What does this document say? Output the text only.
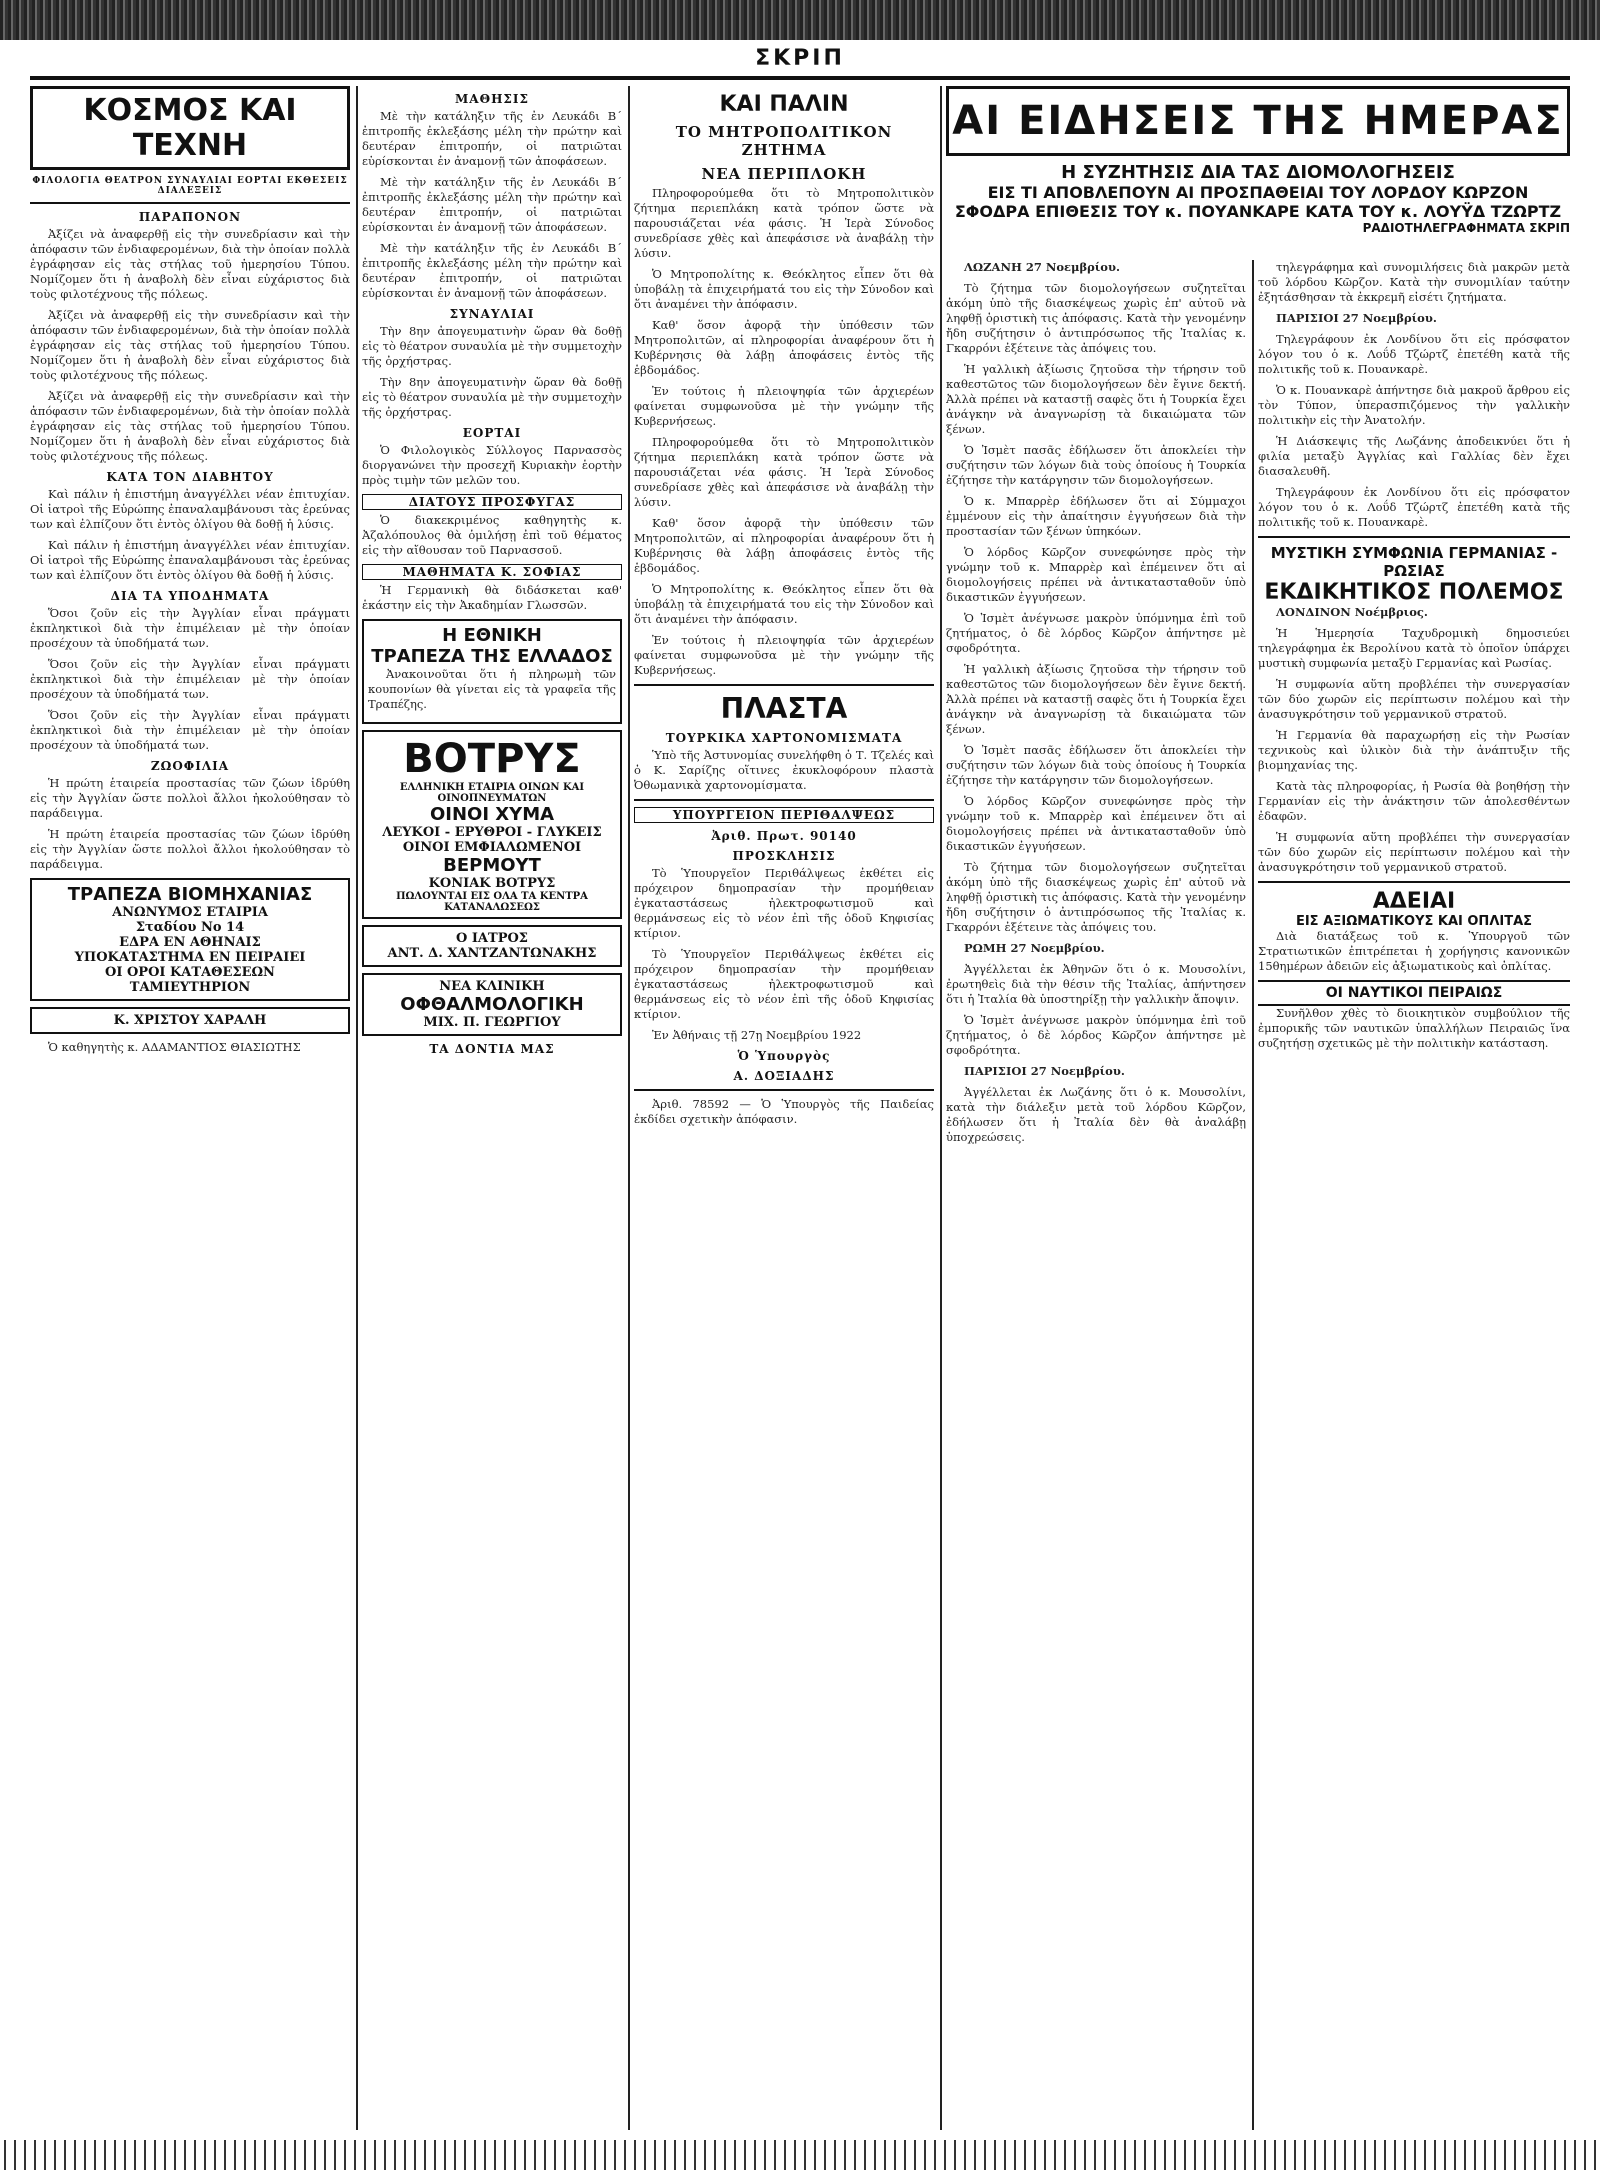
ΣΚΡΙΠ
ΚΟΣΜΟΣ ΚΑΙ ΤΕΧΝΗ
ΦΙΛΟΛΟΓΙΑ ΘΕΑΤΡΟΝ ΣΥΝΑΥΛΙΑΙ ΕΟΡΤΑΙ ΕΚΘΕΣΕΙΣ ΔΙΑΛΕΞΕΙΣ
ΠΑΡΑΠΟΝΟΝ

Ἀξίζει νὰ ἀναφερθῇ εἰς τὴν συνεδρίασιν καὶ τὴν ἀπόφασιν τῶν ἐνδιαφερομένων, διὰ τὴν ὁποίαν πολλὰ ἐγράφησαν εἰς τὰς στήλας τοῦ ἡμερησίου Τύπου. Νομίζομεν ὅτι ἡ ἀναβολὴ δὲν εἶναι εὐχάριστος διὰ τοὺς φιλοτέχνους τῆς πόλεως.

Ἀξίζει νὰ ἀναφερθῇ εἰς τὴν συνεδρίασιν καὶ τὴν ἀπόφασιν τῶν ἐνδιαφερομένων, διὰ τὴν ὁποίαν πολλὰ ἐγράφησαν εἰς τὰς στήλας τοῦ ἡμερησίου Τύπου. Νομίζομεν ὅτι ἡ ἀναβολὴ δὲν εἶναι εὐχάριστος διὰ τοὺς φιλοτέχνους τῆς πόλεως.

Ἀξίζει νὰ ἀναφερθῇ εἰς τὴν συνεδρίασιν καὶ τὴν ἀπόφασιν τῶν ἐνδιαφερομένων, διὰ τὴν ὁποίαν πολλὰ ἐγράφησαν εἰς τὰς στήλας τοῦ ἡμερησίου Τύπου. Νομίζομεν ὅτι ἡ ἀναβολὴ δὲν εἶναι εὐχάριστος διὰ τοὺς φιλοτέχνους τῆς πόλεως.

ΚΑΤΑ ΤΟΝ ΔΙΑΒΗΤΟΥ

Καὶ πάλιν ἡ ἐπιστήμη ἀναγγέλλει νέαν ἐπιτυχίαν. Οἱ ἰατροὶ τῆς Εὐρώπης ἐπαναλαμβάνουσι τὰς ἐρεύνας των καὶ ἐλπίζουν ὅτι ἐντὸς ὀλίγου θὰ δοθῇ ἡ λύσις.

Καὶ πάλιν ἡ ἐπιστήμη ἀναγγέλλει νέαν ἐπιτυχίαν. Οἱ ἰατροὶ τῆς Εὐρώπης ἐπαναλαμβάνουσι τὰς ἐρεύνας των καὶ ἐλπίζουν ὅτι ἐντὸς ὀλίγου θὰ δοθῇ ἡ λύσις.

ΔΙΑ ΤΑ ΥΠΟΔΗΜΑΤΑ

Ὅσοι ζοῦν εἰς τὴν Ἀγγλίαν εἶναι πράγματι ἐκπληκτικοὶ διὰ τὴν ἐπιμέλειαν μὲ τὴν ὁποίαν προσέχουν τὰ ὑποδήματά των.

Ὅσοι ζοῦν εἰς τὴν Ἀγγλίαν εἶναι πράγματι ἐκπληκτικοὶ διὰ τὴν ἐπιμέλειαν μὲ τὴν ὁποίαν προσέχουν τὰ ὑποδήματά των.

Ὅσοι ζοῦν εἰς τὴν Ἀγγλίαν εἶναι πράγματι ἐκπληκτικοὶ διὰ τὴν ἐπιμέλειαν μὲ τὴν ὁποίαν προσέχουν τὰ ὑποδήματά των.

ΖΩΟΦΙΛΙΑ

Ἡ πρώτη ἑταιρεία προστασίας τῶν ζώων ἱδρύθη εἰς τὴν Ἀγγλίαν ὥστε πολλοὶ ἄλλοι ἠκολούθησαν τὸ παράδειγμα.

Ἡ πρώτη ἑταιρεία προστασίας τῶν ζώων ἱδρύθη εἰς τὴν Ἀγγλίαν ὥστε πολλοὶ ἄλλοι ἠκολούθησαν τὸ παράδειγμα.

ΤΡΑΠΕΖΑ ΒΙΟΜΗΧΑΝΙΑΣ
ΑΝΩΝΥΜΟΣ ΕΤΑΙΡΙΑ
Σταδίου Νο 14
ΕΔΡΑ ΕΝ ΑΘΗΝΑΙΣ
ΥΠΟΚΑΤΑΣΤΗΜΑ ΕΝ ΠΕΙΡΑΙΕΙ
ΟΙ ΟΡΟΙ ΚΑΤΑΘΕΣΕΩΝ
ΤΑΜΙΕΥΤΗΡΙΟΝ
Κ. ΧΡΙΣΤΟΥ ΧΑΡΑΛΗ

Ὁ καθηγητὴς κ. ΑΔΑΜΑΝΤΙΟΣ ΘΙΑΣΙΩΤΗΣ

ΜΑΘΗΣΙΣ

Μὲ τὴν κατάληξιν τῆς ἐν Λευκάδι Β΄ ἐπιτροπῆς ἐκλεξάσης μέλη τὴν πρώτην καὶ δευτέραν ἐπιτροπήν, οἱ πατριῶται εὑρίσκονται ἐν ἀναμονῇ τῶν ἀποφάσεων.

Μὲ τὴν κατάληξιν τῆς ἐν Λευκάδι Β΄ ἐπιτροπῆς ἐκλεξάσης μέλη τὴν πρώτην καὶ δευτέραν ἐπιτροπήν, οἱ πατριῶται εὑρίσκονται ἐν ἀναμονῇ τῶν ἀποφάσεων.

Μὲ τὴν κατάληξιν τῆς ἐν Λευκάδι Β΄ ἐπιτροπῆς ἐκλεξάσης μέλη τὴν πρώτην καὶ δευτέραν ἐπιτροπήν, οἱ πατριῶται εὑρίσκονται ἐν ἀναμονῇ τῶν ἀποφάσεων.

ΣΥΝΑΥΛΙΑΙ

Τὴν 8ην ἀπογευματινὴν ὥραν θὰ δοθῇ εἰς τὸ θέατρον συναυλία μὲ τὴν συμμετοχὴν τῆς ὀρχήστρας.

Τὴν 8ην ἀπογευματινὴν ὥραν θὰ δοθῇ εἰς τὸ θέατρον συναυλία μὲ τὴν συμμετοχὴν τῆς ὀρχήστρας.

ΕΟΡΤΑΙ

Ὁ Φιλολογικὸς Σύλλογος Παρνασσὸς διοργανώνει τὴν προσεχῆ Κυριακὴν ἑορτὴν πρὸς τιμὴν τῶν μελῶν του.

ΔΙΑΤΟΥΣ ΠΡΟΣΦΥΓΑΣ

Ὁ διακεκριμένος καθηγητὴς κ. Ἀζαλόπουλος θὰ ὁμιλήσῃ ἐπὶ τοῦ θέματος εἰς τὴν αἴθουσαν τοῦ Παρνασσοῦ.

ΜΑΘΗΜΑΤΑ Κ. ΣΟΦΙΑΣ

Ἡ Γερμανικὴ θὰ διδάσκεται καθ' ἑκάστην εἰς τὴν Ἀκαδημίαν Γλωσσῶν.

Η ΕΘΝΙΚΗ
ΤΡΑΠΕΖΑ ΤΗΣ ΕΛΛΑΔΟΣ

Ἀνακοινοῦται ὅτι ἡ πληρωμὴ τῶν κουπονίων θὰ γίνεται εἰς τὰ γραφεῖα τῆς Τραπέζης.

ΒΟΤΡΥΣ
ΕΛΛΗΝΙΚΗ ΕΤΑΙΡΙΑ ΟΙΝΩΝ ΚΑΙ ΟΙΝΟΠΝΕΥΜΑΤΩΝ
ΟΙΝΟΙ ΧΥΜΑ
ΛΕΥΚΟΙ - ΕΡΥΘΡΟΙ - ΓΛΥΚΕΙΣ
ΟΙΝΟΙ ΕΜΦΙΑΛΩΜΕΝΟΙ
ΒΕΡΜΟΥΤ
ΚΟΝΙΑΚ ΒΟΤΡΥΣ
ΠΩΛΟΥΝΤΑΙ ΕΙΣ ΟΛΑ ΤΑ ΚΕΝΤΡΑ ΚΑΤΑΝΑΛΩΣΕΩΣ
Ο ΙΑΤΡΟΣ
ΑΝΤ. Δ. ΧΑΝΤΖΑΝΤΩΝΑΚΗΣ
ΝΕΑ ΚΛΙΝΙΚΗ
ΟΦΘΑΛΜΟΛΟΓΙΚΗ
ΜΙΧ. Π. ΓΕΩΡΓΙΟΥ
ΤΑ ΔΟΝΤΙΑ ΜΑΣ
ΚΑΙ ΠΑΛΙΝ
ΤΟ ΜΗΤΡΟΠΟΛΙΤΙΚΟΝ ΖΗΤΗΜΑ
ΝΕΑ ΠΕΡΙΠΛΟΚΗ

Πληροφορούμεθα ὅτι τὸ Μητροπολιτικὸν ζήτημα περιεπλάκη κατὰ τρόπον ὥστε νὰ παρουσιάζεται νέα φάσις. Ἡ Ἱερὰ Σύνοδος συνεδρίασε χθὲς καὶ ἀπεφάσισε νὰ ἀναβάλῃ τὴν λύσιν.

Ὁ Μητροπολίτης κ. Θεόκλητος εἶπεν ὅτι θὰ ὑποβάλῃ τὰ ἐπιχειρήματά του εἰς τὴν Σύνοδον καὶ ὅτι ἀναμένει τὴν ἀπόφασιν.

Καθ' ὅσον ἀφορᾷ τὴν ὑπόθεσιν τῶν Μητροπολιτῶν, αἱ πληροφορίαι ἀναφέρουν ὅτι ἡ Κυβέρνησις θὰ λάβῃ ἀποφάσεις ἐντὸς τῆς ἑβδομάδος.

Ἐν τούτοις ἡ πλειοψηφία τῶν ἀρχιερέων φαίνεται συμφωνοῦσα μὲ τὴν γνώμην τῆς Κυβερνήσεως.

Πληροφορούμεθα ὅτι τὸ Μητροπολιτικὸν ζήτημα περιεπλάκη κατὰ τρόπον ὥστε νὰ παρουσιάζεται νέα φάσις. Ἡ Ἱερὰ Σύνοδος συνεδρίασε χθὲς καὶ ἀπεφάσισε νὰ ἀναβάλῃ τὴν λύσιν.

Καθ' ὅσον ἀφορᾷ τὴν ὑπόθεσιν τῶν Μητροπολιτῶν, αἱ πληροφορίαι ἀναφέρουν ὅτι ἡ Κυβέρνησις θὰ λάβῃ ἀποφάσεις ἐντὸς τῆς ἑβδομάδος.

Ὁ Μητροπολίτης κ. Θεόκλητος εἶπεν ὅτι θὰ ὑποβάλῃ τὰ ἐπιχειρήματά του εἰς τὴν Σύνοδον καὶ ὅτι ἀναμένει τὴν ἀπόφασιν.

Ἐν τούτοις ἡ πλειοψηφία τῶν ἀρχιερέων φαίνεται συμφωνοῦσα μὲ τὴν γνώμην τῆς Κυβερνήσεως.

ΠΛΑΣΤΑ
ΤΟΥΡΚΙΚΑ ΧΑΡΤΟΝΟΜΙΣΜΑΤΑ

Ὑπὸ τῆς Ἀστυνομίας συνελήφθη ὁ Τ. Τζελές καὶ ὁ Κ. Σαρίζης οἵτινες ἐκυκλοφόρουν πλαστὰ Ὀθωμανικὰ χαρτονομίσματα.

ΥΠΟΥΡΓΕΙΟΝ ΠΕΡΙΘΑΛΨΕΩΣ
Ἀριθ. Πρωτ. 90140
ΠΡΟΣΚΛΗΣΙΣ

Τὸ Ὑπουργεῖον Περιθάλψεως ἐκθέτει εἰς πρόχειρον δημοπρασίαν τὴν προμήθειαν ἐγκαταστάσεως ἠλεκτροφωτισμοῦ καὶ θερμάνσεως εἰς τὸ νέον ἐπὶ τῆς ὁδοῦ Κηφισίας κτίριον.

Τὸ Ὑπουργεῖον Περιθάλψεως ἐκθέτει εἰς πρόχειρον δημοπρασίαν τὴν προμήθειαν ἐγκαταστάσεως ἠλεκτροφωτισμοῦ καὶ θερμάνσεως εἰς τὸ νέον ἐπὶ τῆς ὁδοῦ Κηφισίας κτίριον.

Ἐν Ἀθήναις τῇ 27ῃ Νοεμβρίου 1922

Ὁ Ὑπουργὸς
Α. ΔΟΞΙΑΔΗΣ

Ἀριθ. 78592 — Ὁ Ὑπουργὸς τῆς Παιδείας ἐκδίδει σχετικὴν ἀπόφασιν.

ΑΙ ΕΙΔΗΣΕΙΣ ΤΗΣ ΗΜΕΡΑΣ
Η ΣΥΖΗΤΗΣΙΣ ΔΙΑ ΤΑΣ ΔΙΟΜΟΛΟΓΗΣΕΙΣ
ΕΙΣ ΤΙ ΑΠΟΒΛΕΠΟΥΝ ΑΙ ΠΡΟΣΠΑΘΕΙΑΙ ΤΟΥ ΛΟΡΔΟΥ ΚΩΡΖΟΝ
ΣΦΟΔΡΑ ΕΠΙΘΕΣΙΣ ΤΟΥ κ. ΠΟΥΑΝΚΑΡΕ ΚΑΤΑ ΤΟΥ κ. ΛΟΥΫΔ ΤΖΩΡΤΖ
ΡΑΔΙΟΤΗΛΕΓΡΑΦΗΜΑΤΑ ΣΚΡΙΠ

ΛΩΖΑΝΗ 27 Νοεμβρίου.

Τὸ ζήτημα τῶν διομολογήσεων συζητεῖται ἀκόμη ὑπὸ τῆς διασκέψεως χωρὶς ἐπ' αὐτοῦ νὰ ληφθῇ ὁριστικὴ τις ἀπόφασις. Κατὰ τὴν γενομένην ἤδη συζήτησιν ὁ ἀντιπρόσωπος τῆς Ἰταλίας κ. Γκαρρόνι ἐξέτεινε τὰς ἀπόψεις του.

Ἡ γαλλικὴ ἀξίωσις ζητοῦσα τὴν τήρησιν τοῦ καθεστῶτος τῶν διομολογήσεων δὲν ἔγινε δεκτή. Ἀλλὰ πρέπει νὰ καταστῇ σαφὲς ὅτι ἡ Τουρκία ἔχει ἀνάγκην νὰ ἀναγνωρίσῃ τὰ δικαιώματα τῶν ξένων.

Ὁ Ἰσμὲτ πασᾶς ἐδήλωσεν ὅτι ἀποκλείει τὴν συζήτησιν τῶν λόγων διὰ τοὺς ὁποίους ἡ Τουρκία ἐζήτησε τὴν κατάργησιν τῶν διομολογήσεων.

Ὁ κ. Μπαρρὲρ ἐδήλωσεν ὅτι αἱ Σύμμαχοι ἐμμένουν εἰς τὴν ἀπαίτησιν ἐγγυήσεων διὰ τὴν προστασίαν τῶν ξένων ὑπηκόων.

Ὁ λόρδος Κῶρζον συνεφώνησε πρὸς τὴν γνώμην τοῦ κ. Μπαρρὲρ καὶ ἐπέμεινεν ὅτι αἱ διομολογήσεις πρέπει νὰ ἀντικατασταθοῦν ὑπὸ δικαστικῶν ἐγγυήσεων.

Ὁ Ἰσμὲτ ἀνέγνωσε μακρὸν ὑπόμνημα ἐπὶ τοῦ ζητήματος, ὁ δὲ λόρδος Κῶρζον ἀπήντησε μὲ σφοδρότητα.

Ἡ γαλλικὴ ἀξίωσις ζητοῦσα τὴν τήρησιν τοῦ καθεστῶτος τῶν διομολογήσεων δὲν ἔγινε δεκτή. Ἀλλὰ πρέπει νὰ καταστῇ σαφὲς ὅτι ἡ Τουρκία ἔχει ἀνάγκην νὰ ἀναγνωρίσῃ τὰ δικαιώματα τῶν ξένων.

Ὁ Ἰσμὲτ πασᾶς ἐδήλωσεν ὅτι ἀποκλείει τὴν συζήτησιν τῶν λόγων διὰ τοὺς ὁποίους ἡ Τουρκία ἐζήτησε τὴν κατάργησιν τῶν διομολογήσεων.

Ὁ λόρδος Κῶρζον συνεφώνησε πρὸς τὴν γνώμην τοῦ κ. Μπαρρὲρ καὶ ἐπέμεινεν ὅτι αἱ διομολογήσεις πρέπει νὰ ἀντικατασταθοῦν ὑπὸ δικαστικῶν ἐγγυήσεων.

Τὸ ζήτημα τῶν διομολογήσεων συζητεῖται ἀκόμη ὑπὸ τῆς διασκέψεως χωρὶς ἐπ' αὐτοῦ νὰ ληφθῇ ὁριστικὴ τις ἀπόφασις. Κατὰ τὴν γενομένην ἤδη συζήτησιν ὁ ἀντιπρόσωπος τῆς Ἰταλίας κ. Γκαρρόνι ἐξέτεινε τὰς ἀπόψεις του.

ΡΩΜΗ 27 Νοεμβρίου.

Ἀγγέλλεται ἐκ Ἀθηνῶν ὅτι ὁ κ. Μουσολίνι, ἐρωτηθεὶς διὰ τὴν θέσιν τῆς Ἰταλίας, ἀπήντησεν ὅτι ἡ Ἰταλία θὰ ὑποστηρίξῃ τὴν γαλλικὴν ἄποψιν.

Ὁ Ἰσμὲτ ἀνέγνωσε μακρὸν ὑπόμνημα ἐπὶ τοῦ ζητήματος, ὁ δὲ λόρδος Κῶρζον ἀπήντησε μὲ σφοδρότητα.

ΠΑΡΙΣΙΟΙ 27 Νοεμβρίου.

Ἀγγέλλεται ἐκ Λωζάνης ὅτι ὁ κ. Μουσολίνι, κατὰ τὴν διάλεξιν μετὰ τοῦ λόρδου Κῶρζον, ἐδήλωσεν ὅτι ἡ Ἰταλία δὲν θὰ ἀναλάβῃ ὑποχρεώσεις.

τηλεγράφημα καὶ συνομιλήσεις διὰ μακρῶν μετὰ τοῦ λόρδου Κῶρζον. Κατὰ τὴν συνομιλίαν ταύτην ἐξητάσθησαν τὰ ἐκκρεμῆ εἰσέτι ζητήματα.

ΠΑΡΙΣΙΟΙ 27 Νοεμβρίου.

Τηλεγράφουν ἐκ Λονδίνου ὅτι εἰς πρόσφατον λόγον του ὁ κ. Λοΰδ Τζώρτζ ἐπετέθη κατὰ τῆς πολιτικῆς τοῦ κ. Πουανκαρὲ.

Ὁ κ. Πουανκαρὲ ἀπήντησε διὰ μακροῦ ἄρθρου εἰς τὸν Τύπον, ὑπερασπιζόμενος τὴν γαλλικὴν πολιτικὴν εἰς τὴν Ἀνατολήν.

Ἡ Διάσκεψις τῆς Λωζάνης ἀποδεικνύει ὅτι ἡ φιλία μεταξὺ Ἀγγλίας καὶ Γαλλίας δὲν ἔχει διασαλευθῆ.

Τηλεγράφουν ἐκ Λονδίνου ὅτι εἰς πρόσφατον λόγον του ὁ κ. Λοΰδ Τζώρτζ ἐπετέθη κατὰ τῆς πολιτικῆς τοῦ κ. Πουανκαρὲ.

ΜΥΣΤΙΚΗ ΣΥΜΦΩΝΙΑ ΓΕΡΜΑΝΙΑΣ - ΡΩΣΙΑΣ
ΕΚΔΙΚΗΤΙΚΟΣ ΠΟΛΕΜΟΣ

ΛΟΝΔΙΝΟΝ Νοέμβριος.

Ἡ Ἡμερησία Ταχυδρομικὴ δημοσιεύει τηλεγράφημα ἐκ Βερολίνου κατὰ τὸ ὁποῖον ὑπάρχει μυστικὴ συμφωνία μεταξὺ Γερμανίας καὶ Ρωσίας.

Ἡ συμφωνία αὕτη προβλέπει τὴν συνεργασίαν τῶν δύο χωρῶν εἰς περίπτωσιν πολέμου καὶ τὴν ἀνασυγκρότησιν τοῦ γερμανικοῦ στρατοῦ.

Ἡ Γερμανία θὰ παραχωρήσῃ εἰς τὴν Ρωσίαν τεχνικοὺς καὶ ὑλικὸν διὰ τὴν ἀνάπτυξιν τῆς βιομηχανίας της.

Κατὰ τὰς πληροφορίας, ἡ Ρωσία θὰ βοηθήσῃ τὴν Γερμανίαν εἰς τὴν ἀνάκτησιν τῶν ἀπολεσθέντων ἐδαφῶν.

Ἡ συμφωνία αὕτη προβλέπει τὴν συνεργασίαν τῶν δύο χωρῶν εἰς περίπτωσιν πολέμου καὶ τὴν ἀνασυγκρότησιν τοῦ γερμανικοῦ στρατοῦ.

ΑΔΕΙΑΙ
ΕΙΣ ΑΞΙΩΜΑΤΙΚΟΥΣ ΚΑΙ ΟΠΛΙΤΑΣ

Διὰ διατάξεως τοῦ κ. Ὑπουργοῦ τῶν Στρατιωτικῶν ἐπιτρέπεται ἡ χορήγησις κανονικῶν 15θημέρων ἀδειῶν εἰς ἀξιωματικοὺς καὶ ὁπλίτας.

ΟΙ ΝΑΥΤΙΚΟΙ ΠΕΙΡΑΙΩΣ

Συνῆλθον χθὲς τὸ διοικητικὸν συμβούλιον τῆς ἐμπορικῆς τῶν ναυτικῶν ὑπαλλήλων Πειραιῶς ἵνα συζητήσῃ σχετικῶς μὲ τὴν πολιτικὴν κατάσταση.
